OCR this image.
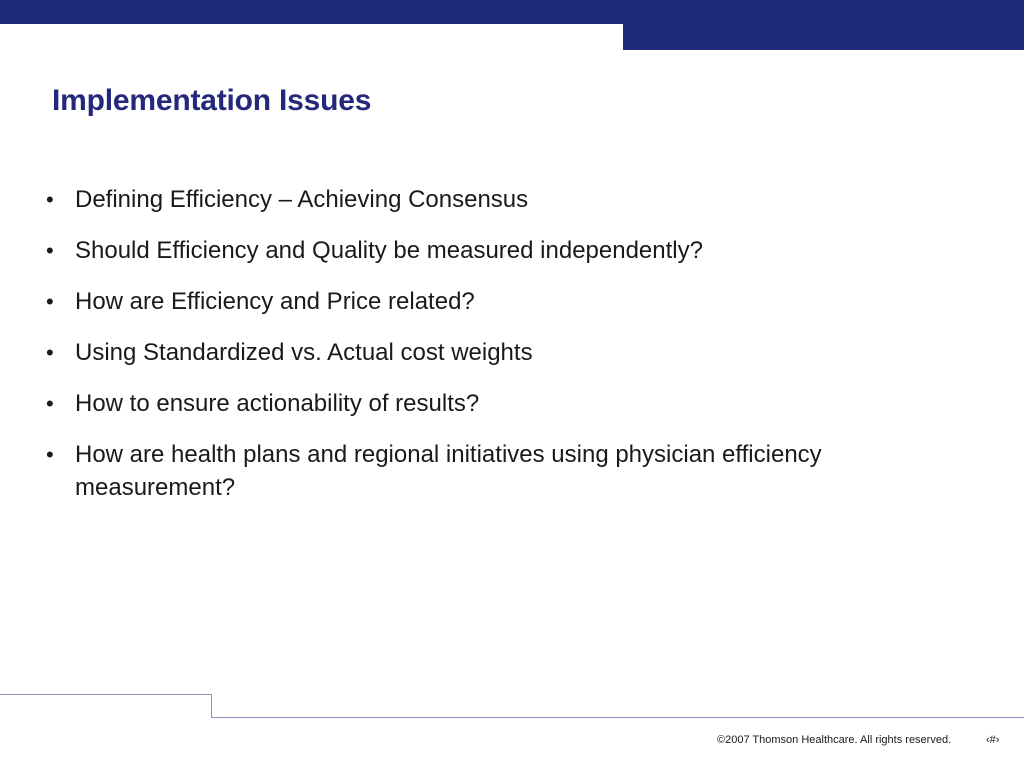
Implementation Issues
• Defining Efficiency – Achieving Consensus
• Should Efficiency and Quality be measured independently?
• How are Efficiency and Price related?
• Using Standardized vs. Actual cost weights
• How to ensure actionability of results?
• How are health plans and regional initiatives using physician efficiency measurement?
©2007 Thomson Healthcare. All rights reserved.	‹#›
